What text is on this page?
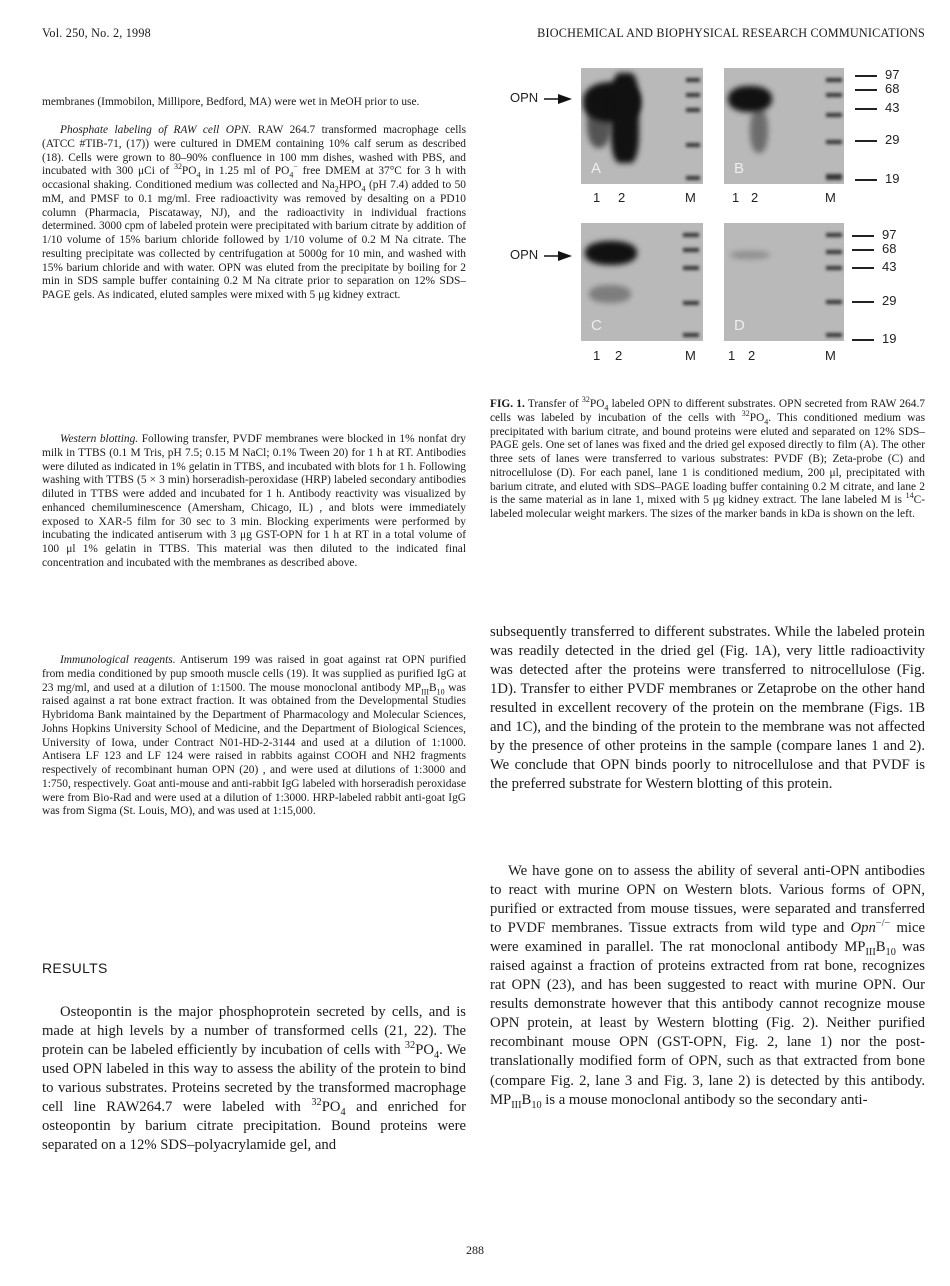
Vol. 250, No. 2, 1998	BIOCHEMICAL AND BIOPHYSICAL RESEARCH COMMUNICATIONS
membranes (Immobilon, Millipore, Bedford, MA) were wet in MeOH prior to use.
Phosphate labeling of RAW cell OPN. RAW 264.7 transformed macrophage cells (ATCC #TIB-71, (17)) were cultured in DMEM containing 10% calf serum as described (18). Cells were grown to 80–90% confluence in 100 mm dishes, washed with PBS, and incubated with 300 μCi of $^{32}PO_4$ in 1.25 ml of $PO_4^-$ free DMEM at 37°C for 3 h with occasional shaking. Conditioned medium was collected and $Na_2HPO_4$ (pH 7.4) added to 50 mM, and PMSF to 0.1 mg/ml. Free radioactivity was removed by desalting on a PD10 column (Pharmacia, Piscataway, NJ), and the radioactivity in individual fractions determined. 3000 cpm of labeled protein were precipitated with barium citrate by addition of 1/10 volume of 15% barium chloride followed by 1/10 volume of 0.2 M Na citrate. The resulting precipitate was collected by centrifugation at 5000g for 10 min, and washed with 15% barium chloride and with water. OPN was eluted from the precipitate by boiling for 2 min in SDS sample buffer containing 0.2 M Na citrate prior to separation on 12% SDS–PAGE gels. As indicated, eluted samples were mixed with 5 μg kidney extract.
Western blotting. Following transfer, PVDF membranes were blocked in 1% nonfat dry milk in TTBS (0.1 M Tris, pH 7.5; 0.15 M NaCl; 0.1% Tween 20) for 1 h at RT. Antibodies were diluted as indicated in 1% gelatin in TTBS, and incubated with blots for 1 h. Following washing with TTBS (5 × 3 min) horseradish-peroxidase (HRP) labeled secondary antibodies diluted in TTBS were added and incubated for 1 h. Antibody reactivity was visualized by enhanced chemiluminescence (Amersham, Chicago, IL) , and blots were immediately exposed to XAR-5 film for 30 sec to 3 min. Blocking experiments were performed by incubating the indicated antiserum with 3 μg GST-OPN for 1 h at RT in a total volume of 100 μl 1% gelatin in TTBS. This material was then diluted to the indicated final concentration and incubated with the membranes as described above.
Immunological reagents. Antiserum 199 was raised in goat against rat OPN purified from media conditioned by pup smooth muscle cells (19). It was supplied as purified IgG at 23 mg/ml, and used at a dilution of 1:1500. The mouse monoclonal antibody $MP_{III}B_{10}$ was raised against a rat bone extract fraction. It was obtained from the Developmental Studies Hybridoma Bank maintained by the Department of Pharmacology and Molecular Sciences, Johns Hopkins University School of Medicine, and the Department of Biological Sciences, University of Iowa, under Contract N01-HD-2-3144 and used at a dilution of 1:1000. Antisera LF 123 and LF 124 were raised in rabbits against COOH and NH2 fragments respectively of recombinant human OPN (20) , and were used at dilutions of 1:3000 and 1:750, respectively. Goat anti-mouse and anti-rabbit IgG labeled with horseradish peroxidase were from Bio-Rad and were used at a dilution of 1:3000. HRP-labeled rabbit anti-goat IgG was from Sigma (St. Louis, MO), and was used at 1:15,000.
RESULTS
Osteopontin is the major phosphoprotein secreted by cells, and is made at high levels by a number of transformed cells (21, 22). The protein can be labeled efficiently by incubation of cells with $^{32}PO_4$. We used OPN labeled in this way to assess the ability of the protein to bind to various substrates. Proteins secreted by the transformed macrophage cell line RAW264.7 were labeled with $^{32}PO_4$ and enriched for osteopontin by barium citrate precipitation. Bound proteins were separated on a 12% SDS–polyacrylamide gel, and
OPN
OPN
A	B
C	D
1 2	M	1 2	M
1 2	M 1 2	M
97
68
43
29
19
97
68
43
29
19
FIG. 1. Transfer of $^{32}PO_4$ labeled OPN to different substrates. OPN secreted from RAW 264.7 cells was labeled by incubation of the cells with $^{32}PO_4$. This conditioned medium was precipitated with barium citrate, and bound proteins were eluted and separated on 12% SDS–PAGE gels. One set of lanes was fixed and the dried gel exposed directly to film (A). The other three sets of lanes were transferred to various substrates: PVDF (B); Zeta-probe (C) and nitrocellulose (D). For each panel, lane 1 is conditioned medium, 200 μl, precipitated with barium citrate, and eluted with SDS–PAGE loading buffer containing 0.2 M citrate, and lane 2 is the same material as in lane 1, mixed with 5 μg kidney extract. The lane labeled M is $^{14}$C-labeled molecular weight markers. The sizes of the marker bands in kDa is shown on the left.
subsequently transferred to different substrates. While the labeled protein was readily detected in the dried gel (Fig. 1A), very little radioactivity was detected after the proteins were transferred to nitrocellulose (Fig. 1D). Transfer to either PVDF membranes or Zetaprobe on the other hand resulted in excellent recovery of the protein on the membrane (Figs. 1B and 1C), and the binding of the protein to the membrane was not affected by the presence of other proteins in the sample (compare lanes 1 and 2). We conclude that OPN binds poorly to nitrocellulose and that PVDF is the preferred substrate for Western blotting of this protein.
We have gone on to assess the ability of several anti-OPN antibodies to react with murine OPN on Western blots. Various forms of OPN, purified or extracted from mouse tissues, were separated and transferred to PVDF membranes. Tissue extracts from wild type and Opn−/− mice were examined in parallel. The rat monoclonal antibody $MP_{III}B_{10}$ was raised against a fraction of proteins extracted from rat bone, recognizes rat OPN (23), and has been suggested to react with murine OPN. Our results demonstrate however that this antibody cannot recognize mouse OPN protein, at least by Western blotting (Fig. 2). Neither purified recombinant mouse OPN (GST-OPN, Fig. 2, lane 1) nor the post-translationally modified form of OPN, such as that extracted from bone (compare Fig. 2, lane 3 and Fig. 3, lane 2) is detected by this antibody. $MP_{III}B_{10}$ is a mouse monoclonal antibody so the secondary anti-
288
